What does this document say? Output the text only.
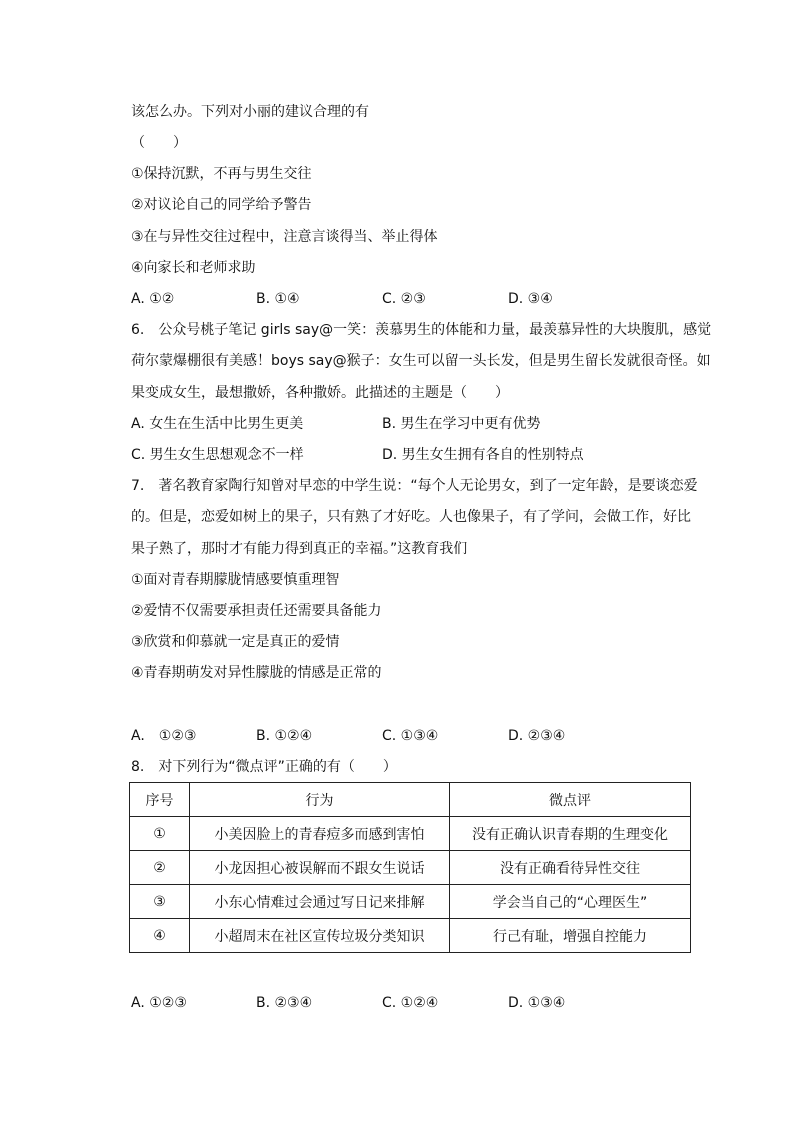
该怎么办。下列对小丽的建议合理的有
（　　）
①保持沉默，不再与男生交往
②对议论自己的同学给予警告
③在与异性交往过程中，注意言谈得当、举止得体
④向家长和老师求助
A. ①②	B. ①④	C. ②③	D. ③④
6.　公众号桃子笔记 girls say@一笑：羡慕男生的体能和力量，最羡慕异性的大块腹肌，感觉
荷尔蒙爆棚很有美感！boys say@猴子：女生可以留一头长发，但是男生留长发就很奇怪。如
果变成女生，最想撒娇，各种撒娇。此描述的主题是（　　）
A. 女生在生活中比男生更美	B. 男生在学习中更有优势
C. 男生女生思想观念不一样	D. 男生女生拥有各自的性别特点
7.　著名教育家陶行知曾对早恋的中学生说：“每个人无论男女，到了一定年龄，是要谈恋爱
的。但是，恋爱如树上的果子，只有熟了才好吃。人也像果子，有了学问，会做工作，好比
果子熟了，那时才有能力得到真正的幸福。”这教育我们
①面对青春期朦胧情感要慎重理智
②爱情不仅需要承担责任还需要具备能力
③欣赏和仰慕就一定是真正的爱情
④青春期萌发对异性朦胧的情感是正常的
A.　①②③	B. ①②④	C. ①③④	D. ②③④
8.　对下列行为“微点评”正确的有（　　）
序号	行为	微点评
①	小美因脸上的青春痘多而感到害怕	没有正确认识青春期的生理变化
②	小龙因担心被误解而不跟女生说话	没有正确看待异性交往
③	小东心情难过会通过写日记来排解	学会当自己的“心理医生”
④	小超周末在社区宣传垃圾分类知识	行己有耻，增强自控能力
A. ①②③	B. ②③④	C. ①②④	D. ①③④
